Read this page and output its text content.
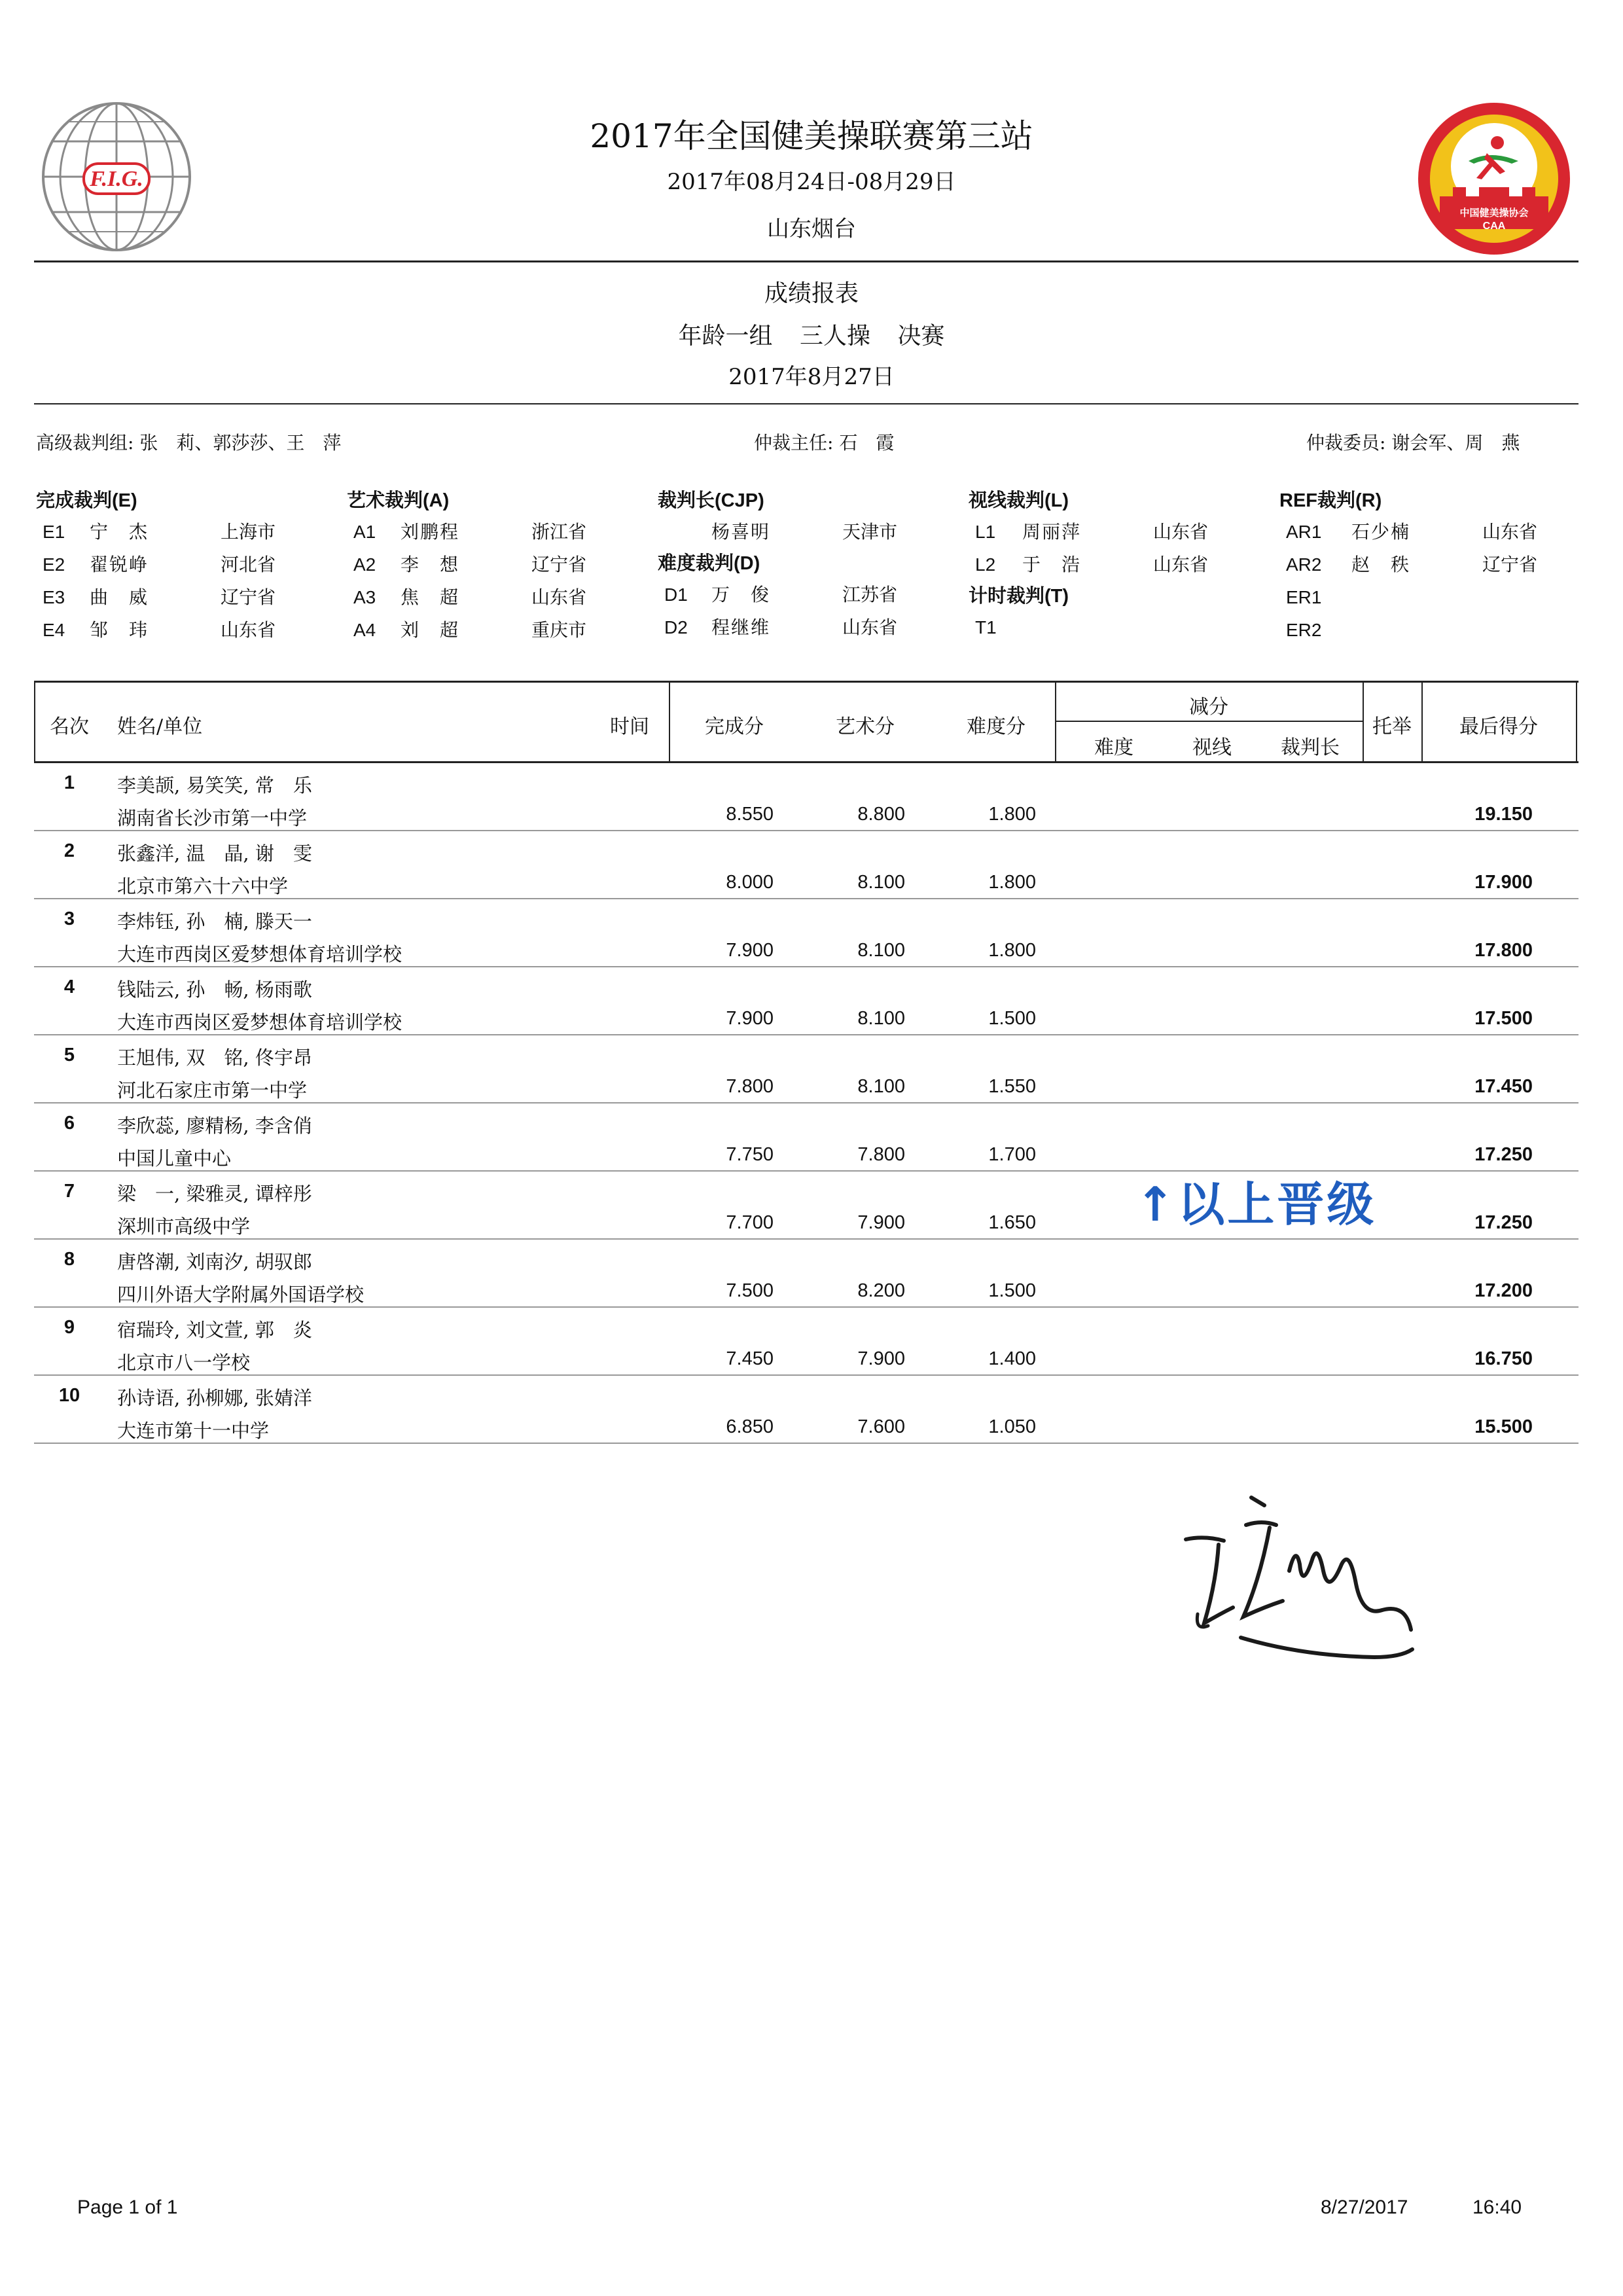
F.I.G.
中国健美操协会
CAA
2017年全国健美操联赛第三站
2017年08月24日-08月29日
山东烟台
成绩报表
年龄一组 三人操 决赛
2017年8月27日
高级裁判组: 张　莉、郭莎莎、王　萍	仲裁主任: 石　霞	仲裁委员: 谢会军、周　燕
完成裁判(E)
E1 宁　杰	上海市
E2 翟锐峥	河北省
E3 曲　威	辽宁省
E4 邹　玮	山东省
艺术裁判(A)
A1 刘鹏程	浙江省
A2 李　想	辽宁省
A3 焦　超	山东省
A4 刘　超	重庆市
裁判长(CJP)
杨喜明	天津市
难度裁判(D)
D1 万　俊	江苏省
D2 程继维	山东省
视线裁判(L)
L1 周丽萍	山东省
L2 于　浩	山东省
计时裁判(T)
T1
REF裁判(R)
AR1 石少楠	山东省
AR2 赵　秩	辽宁省
ER1
ER2
名次	姓名/单位	时间	完成分	艺术分	难度分
减分
难度	视线	裁判长
托举	最后得分
1	李美颉, 易笑笑, 常　乐
湖南省长沙市第一中学	8.550	8.800	1.800	19.150
2	张鑫洋, 温　晶, 谢　雯
北京市第六十六中学	8.000	8.100	1.800	17.900
3	李炜钰, 孙　楠, 滕天一
大连市西岗区爱梦想体育培训学校	7.900	8.100	1.800	17.800
4	钱陆云, 孙　畅, 杨雨歌
大连市西岗区爱梦想体育培训学校	7.900	8.100	1.500	17.500
5	王旭伟, 双　铭, 佟宇昂
河北石家庄市第一中学	7.800	8.100	1.550	17.450
6	李欣蕊, 廖精杨, 李含俏
中国儿童中心	7.750	7.800	1.700	17.250
7	梁　一, 梁雅灵, 谭梓彤
深圳市高级中学	7.700	7.900	1.650	17.250
8	唐啓潮, 刘南汐, 胡驭郎
四川外语大学附属外国语学校	7.500	8.200	1.500	17.200
9	宿瑞玲, 刘文萱, 郭　炎
北京市八一学校	7.450	7.900	1.400	16.750
10	孙诗语, 孙柳娜, 张婧洋
大连市第十一中学	6.850	7.600	1.050	15.500
↑以上晋级
Page 1 of 1	8/27/2017	16:40
